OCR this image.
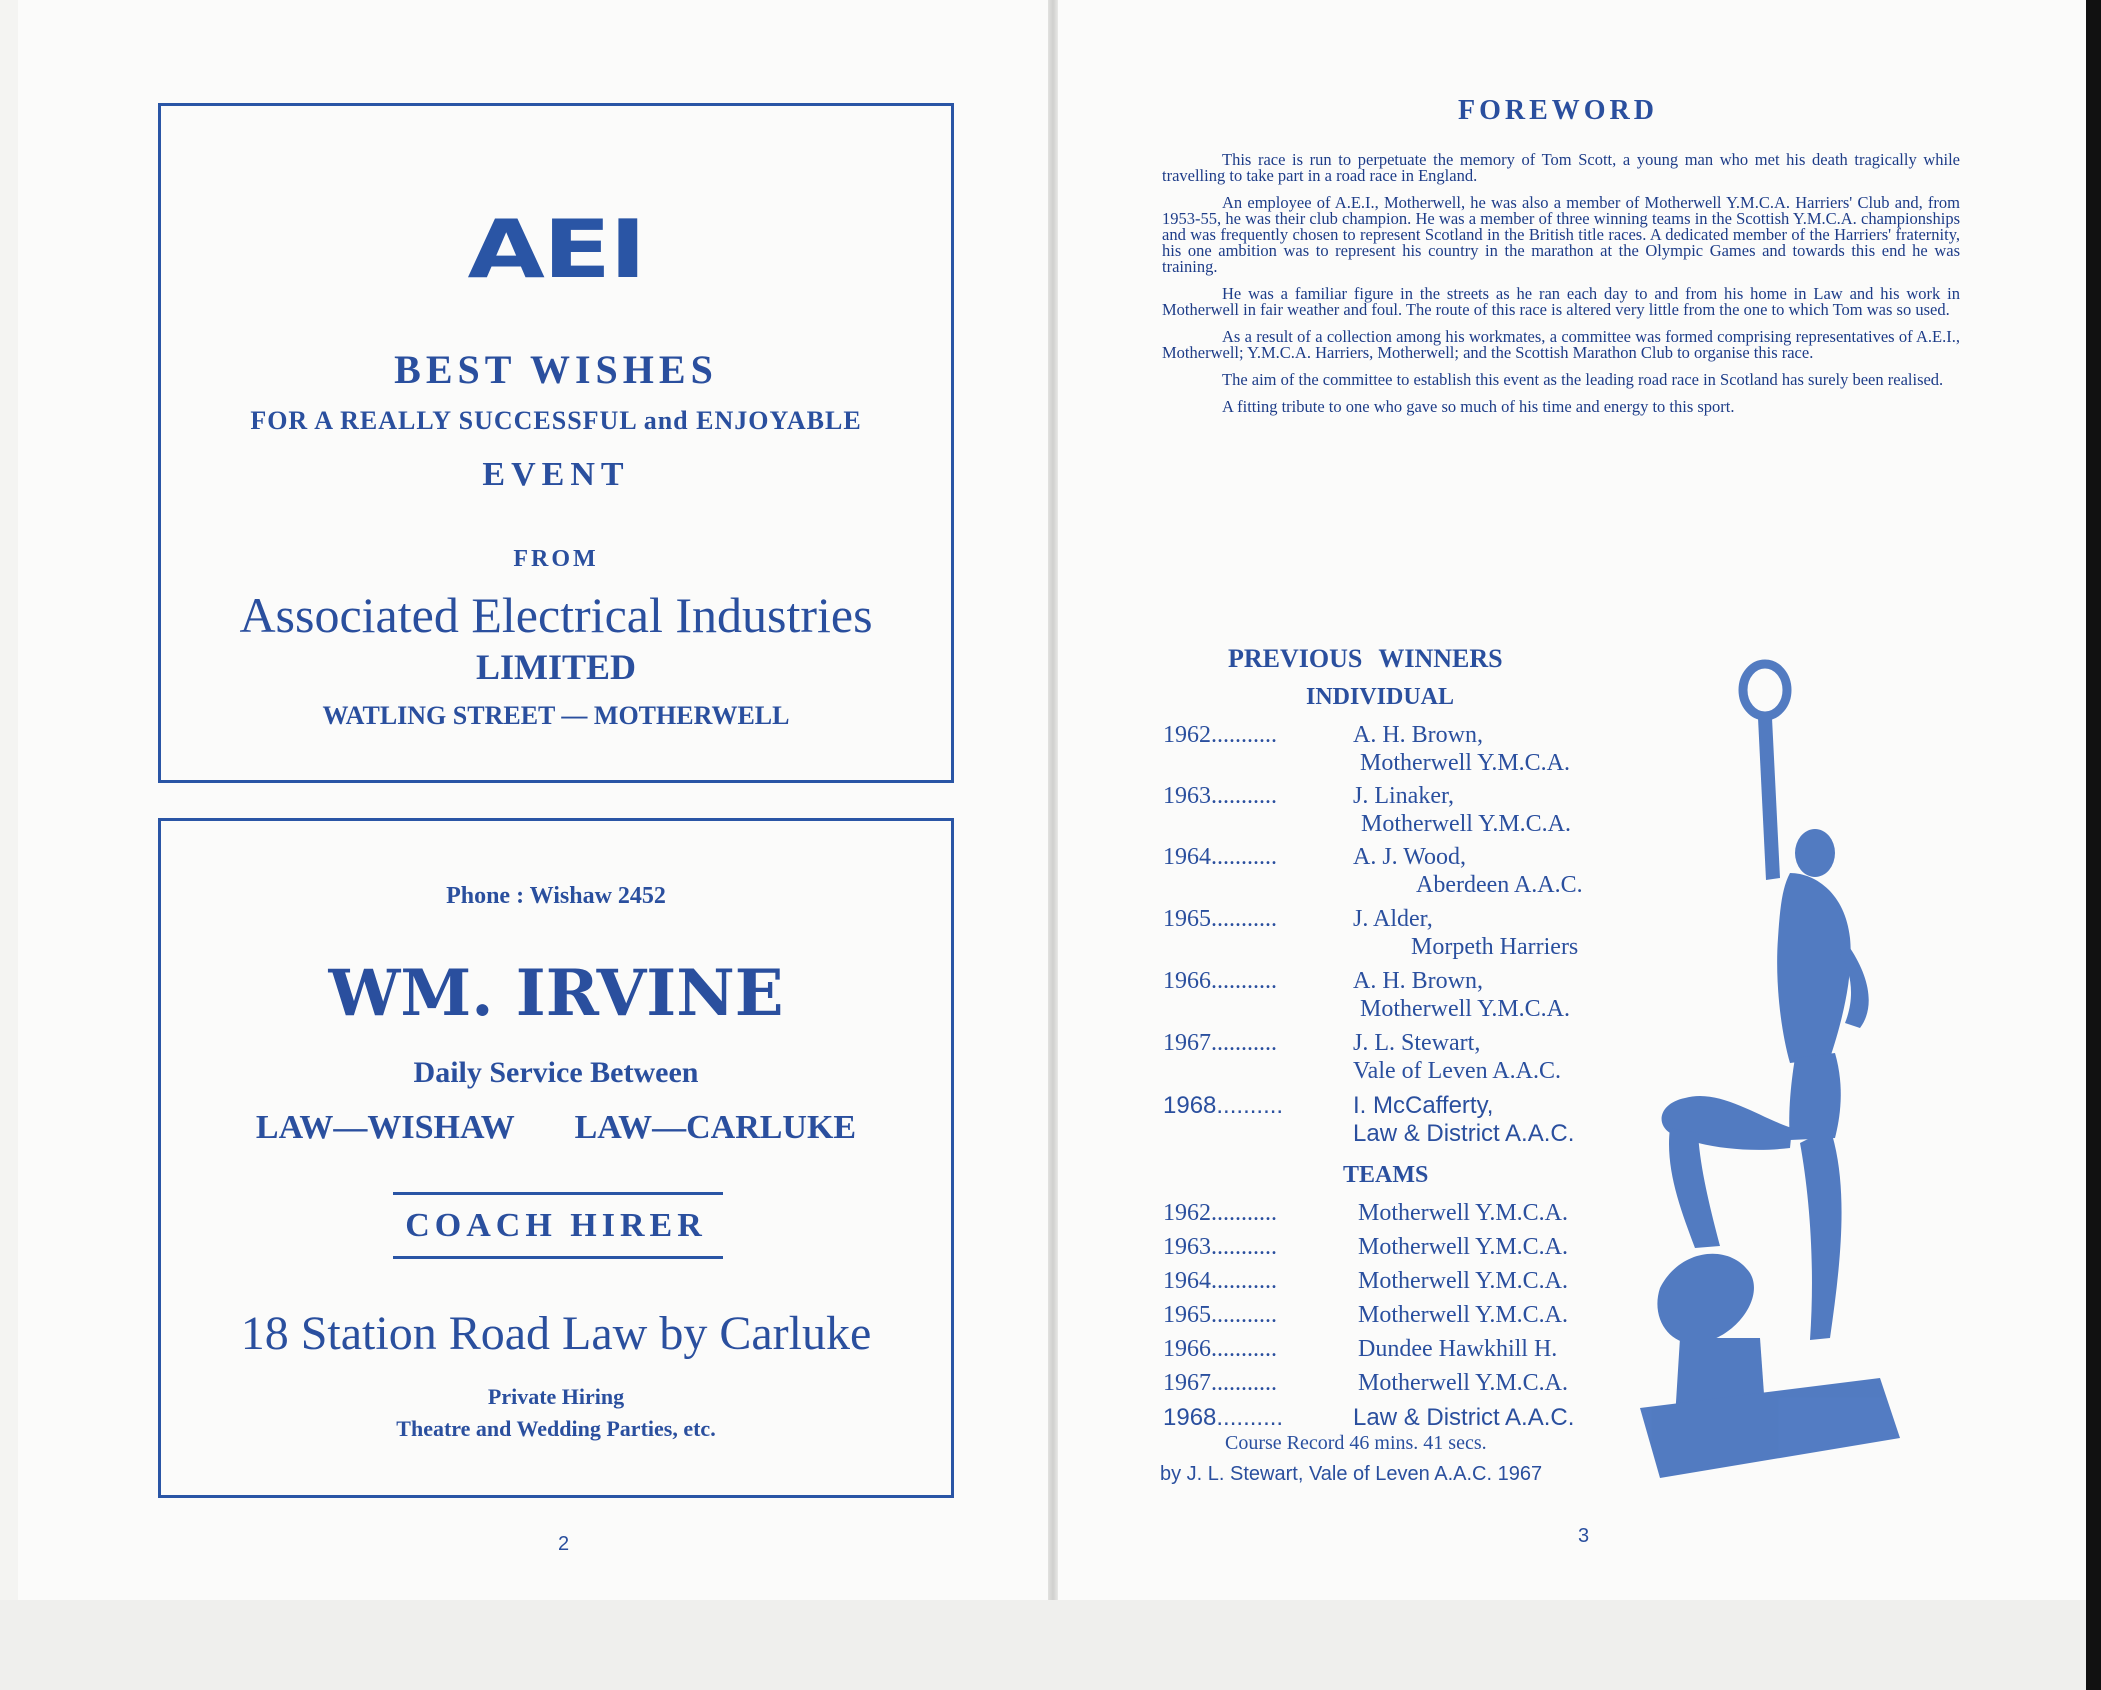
AEI
BEST WISHES
FOR A REALLY SUCCESSFUL and ENJOYABLE
EVENT
FROM
Associated Electrical Industries
LIMITED
WATLING STREET — MOTHERWELL
Phone : Wishaw 2452
WM. IRVINE
Daily Service Between
LAW—WISHAW LAW—CARLUKE
COACH HIRER
18 Station Road Law by Carluke
Private Hiring
Theatre and Wedding Parties, etc.
2
FOREWORD

This race is run to perpetuate the memory of Tom Scott, a young man who met his death tragically while travelling to take part in a road race in England.

An employee of A.E.I., Motherwell, he was also a member of Motherwell Y.M.C.A. Harriers' Club and, from 1953-55, he was their club champion. He was a member of three winning teams in the Scottish Y.M.C.A. championships and was frequently chosen to represent Scotland in the British title races. A dedicated member of the Harriers' fraternity, his one ambition was to represent his country in the marathon at the Olympic Games and towards this end he was training.

He was a familiar figure in the streets as he ran each day to and from his home in Law and his work in Motherwell in fair weather and foul. The route of this race is altered very little from the one to which Tom was so used.

As a result of a collection among his workmates, a committee was formed comprising representatives of A.E.I., Motherwell; Y.M.C.A. Harriers, Motherwell; and the Scottish Marathon Club to organise this race.

The aim of the committee to establish this event as the leading road race in Scotland has surely been realised.

A fitting tribute to one who gave so much of his time and energy to this sport.

PREVIOUS WINNERS
INDIVIDUAL
1962...........	A. H. Brown,
Motherwell Y.M.C.A.
1963...........	J. Linaker,
Motherwell Y.M.C.A.
1964...........	A. J. Wood,
Aberdeen A.A.C.
1965...........	J. Alder,
Morpeth Harriers
1966...........	A. H. Brown,
Motherwell Y.M.C.A.
1967...........	J. L. Stewart,
Vale of Leven A.A.C.
1968..........	I. McCafferty,
Law & District A.A.C.
TEAMS
1962...........	Motherwell Y.M.C.A.
1963...........	Motherwell Y.M.C.A.
1964...........	Motherwell Y.M.C.A.
1965...........	Motherwell Y.M.C.A.
1966...........	Dundee Hawkhill H.
1967...........	Motherwell Y.M.C.A.
1968..........	Law & District A.A.C.
Course Record 46 mins. 41 secs.
by J. L. Stewart, Vale of Leven A.A.C. 1967
3
